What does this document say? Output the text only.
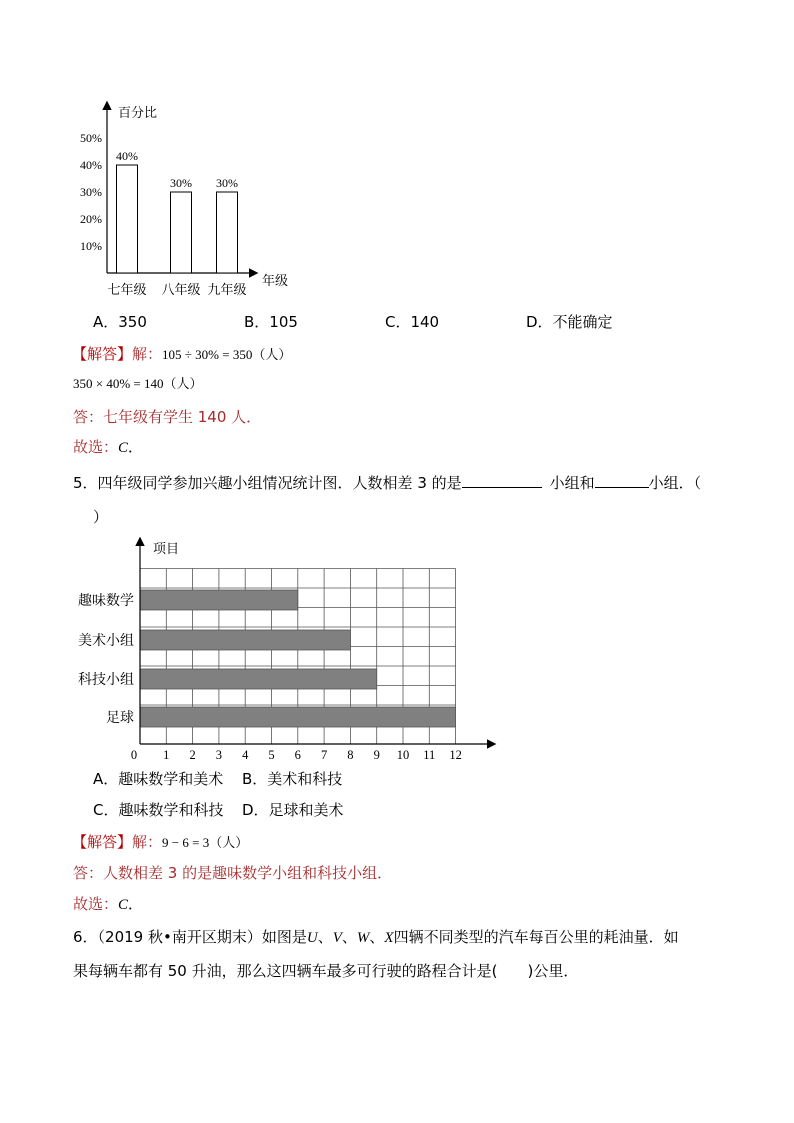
百分比
年级
10%
20%
30%
40%
50%
40%
七年级
30%
八年级
30%
九年级
A．350	B．105	C．140	D．不能确定
【解答】解：105 ÷ 30% = 350（人）
350 × 40% = 140（人）
答：七年级有学生 140 人．
故选：C．
5．四年级同学参加兴趣小组情况统计图．人数相差 3 的是	小组和	小组．（
）
项目
趣味数学
美术小组
科技小组
足球
0 1 2 3 4 5 6 7 8 9 10 11 12
A．趣味数学和美术 B．美术和科技
C．趣味数学和科技 D．足球和美术
【解答】解：9 − 6 = 3（人）
答：人数相差 3 的是趣味数学小组和科技小组．
故选：C．
6．（2019 秋•南开区期末）如图是U、V、W、X四辆不同类型的汽车每百公里的耗油量．如
果每辆车都有 50 升油，那么这四辆车最多可行驶的路程合计是(　　)公里．
